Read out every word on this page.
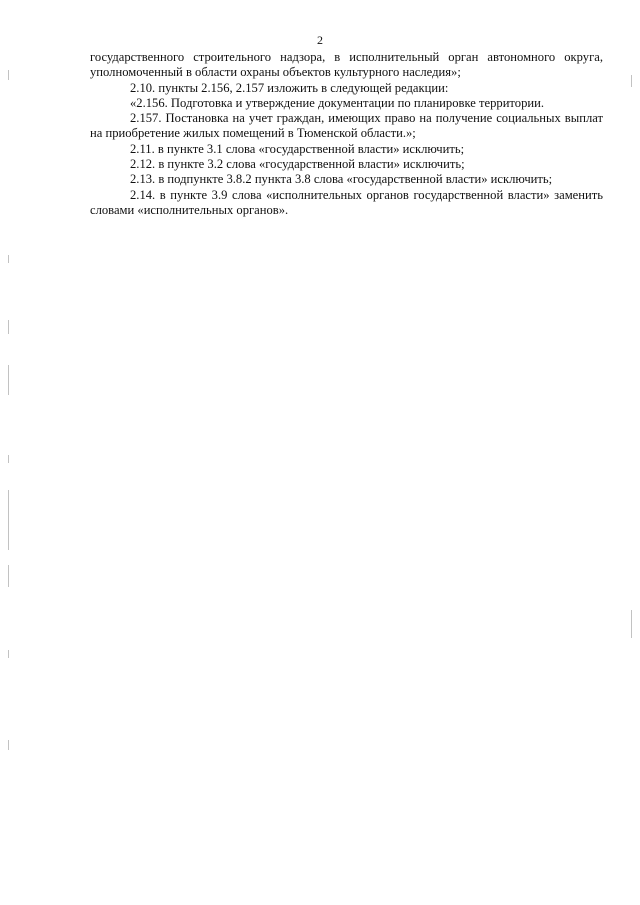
2

государственного строительного надзора, в исполнительный орган автономного округа, уполномоченный в области охраны объектов культурного наследия»;

2.10. пункты 2.156, 2.157 изложить в следующей редакции:

«2.156. Подготовка и утверждение документации по планировке территории.

2.157. Постановка на учет граждан, имеющих право на получение социальных выплат на приобретение жилых помещений в Тюменской области.»;

2.11. в пункте 3.1 слова «государственной власти» исключить;

2.12. в пункте 3.2 слова «государственной власти» исключить;

2.13. в подпункте 3.8.2 пункта 3.8 слова «государственной власти» исключить;

2.14. в пункте 3.9 слова «исполнительных органов государственной власти» заменить словами «исполнительных органов».
